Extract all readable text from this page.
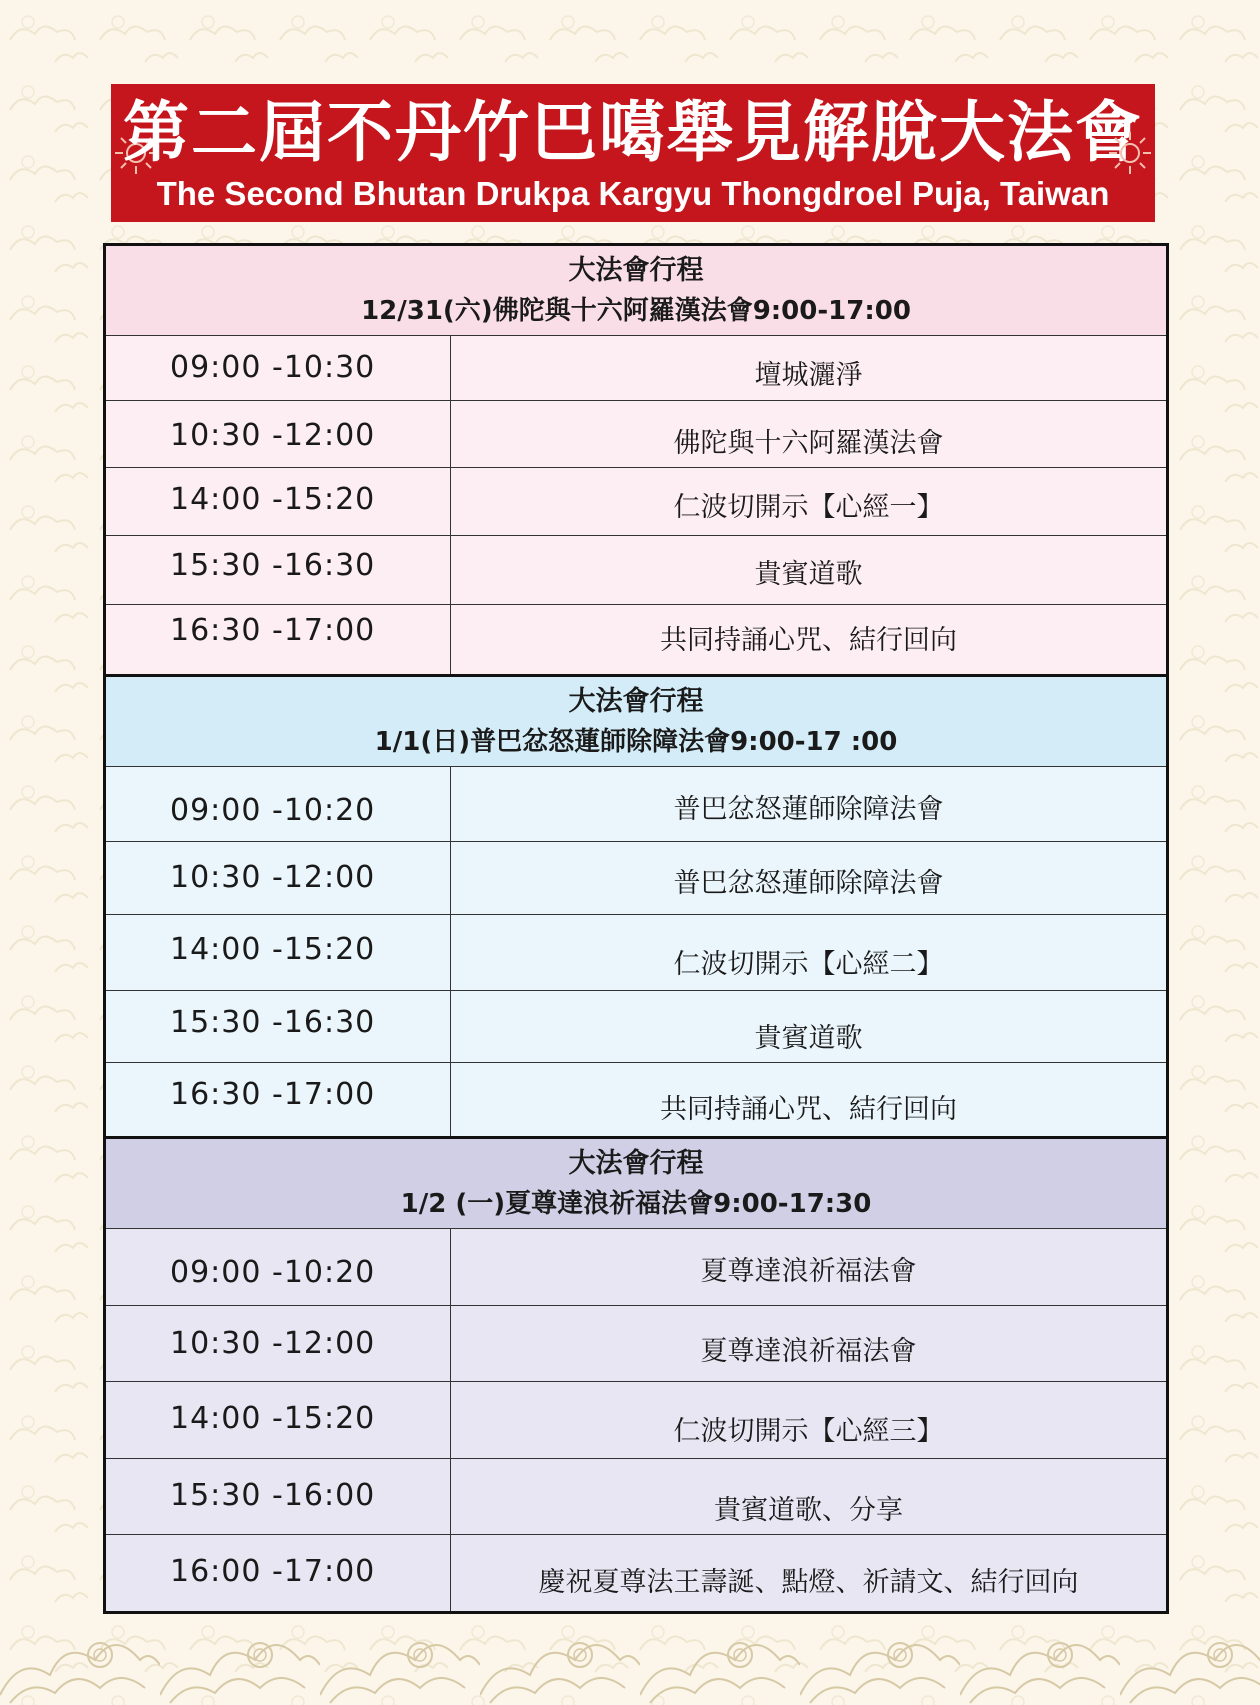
第二屆不丹竹巴噶舉見解脫大法會
The Second Bhutan Drukpa Kargyu Thongdroel Puja, Taiwan
大法會行程
12/31(六)佛陀與十六阿羅漢法會9:00-17:00
09:00 -10:30	壇城灑淨
10:30 -12:00	佛陀與十六阿羅漢法會
14:00 -15:20	仁波切開示【心經一】
15:30 -16:30	貴賓道歌
16:30 -17:00	共同持誦心咒、結行回向
大法會行程
1/1(日)普巴忿怒蓮師除障法會9:00-17 :00
09:00 -10:20	普巴忿怒蓮師除障法會
10:30 -12:00	普巴忿怒蓮師除障法會
14:00 -15:20	仁波切開示【心經二】
15:30 -16:30	貴賓道歌
16:30 -17:00	共同持誦心咒、結行回向
大法會行程
1/2 (一)夏尊達浪祈福法會9:00-17:30
09:00 -10:20	夏尊達浪祈福法會
10:30 -12:00	夏尊達浪祈福法會
14:00 -15:20	仁波切開示【心經三】
15:30 -16:00	貴賓道歌、分享
16:00 -17:00	慶祝夏尊法王壽誕、點燈、祈請文、結行回向
